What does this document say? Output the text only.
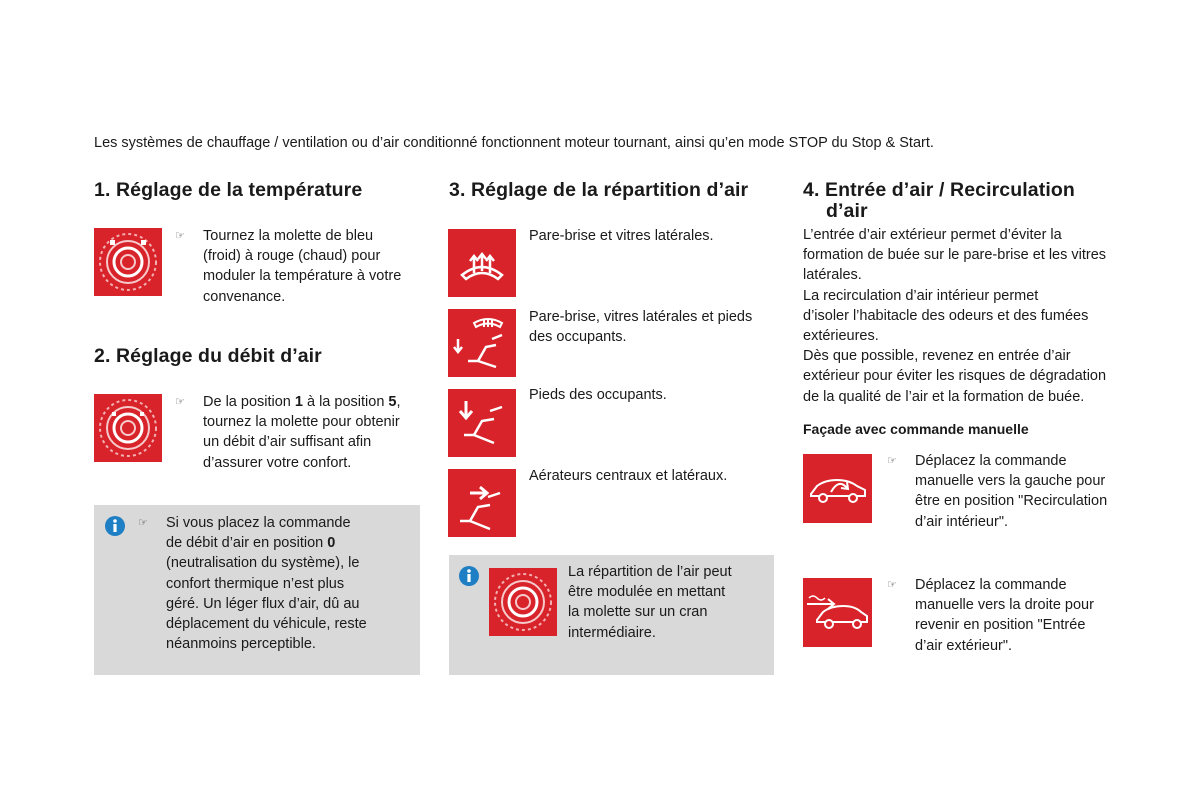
Les systèmes de chauffage / ventilation ou d’air conditionné fonctionnent moteur tournant, ainsi qu’en mode STOP du Stop & Start.
1. Réglage de la température
☞ Tournez la molette de bleu
(froid) à rouge (chaud) pour
moduler la température à votre
convenance.
2. Réglage du débit d’air
☞ De la position 1 à la position 5,
tournez la molette pour obtenir
un débit d’air suffisant afin
d’assurer votre confort.
☞ Si vous placez la commande
de débit d’air en position 0
(neutralisation du système), le
confort thermique n’est plus
géré. Un léger flux d’air, dû au
déplacement du véhicule, reste
néanmoins perceptible.
3. Réglage de la répartition d’air
Pare-brise et vitres latérales.
Pare-brise, vitres latérales et pieds
des occupants.
Pieds des occupants.
Aérateurs centraux et latéraux.
La répartition de l’air peut
être modulée en mettant
la molette sur un cran
intermédiaire.
4. Entrée d’air / Recirculation
d’air
L’entrée d’air extérieur permet d’éviter la
formation de buée sur le pare-brise et les vitres
latérales.
La recirculation d’air intérieur permet
d’isoler l’habitacle des odeurs et des fumées
extérieures.
Dès que possible, revenez en entrée d’air
extérieur pour éviter les risques de dégradation
de la qualité de l’air et la formation de buée.
Façade avec commande manuelle
☞ Déplacez la commande
manuelle vers la gauche pour
être en position "Recirculation
d’air intérieur".
☞ Déplacez la commande
manuelle vers la droite pour
revenir en position "Entrée
d’air extérieur".
